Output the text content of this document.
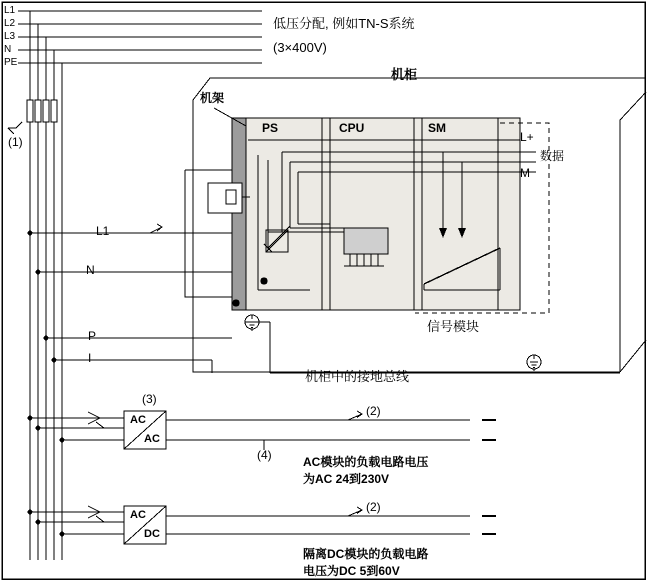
L1
L2
L3
N
PE
低压分配, 例如TN-S系统
(3×400V)
(1)
机柜
机架
PS	CPU	SM
L+
数据
M
信号模块
L1
N
P
I
机柜中的接地总线
(3)
(2)
(4)
(2)
AC
AC
AC
DC
AC模块的负载电路电压
为AC 24到230V
隔离DC模块的负载电路
电压为DC 5到60V
